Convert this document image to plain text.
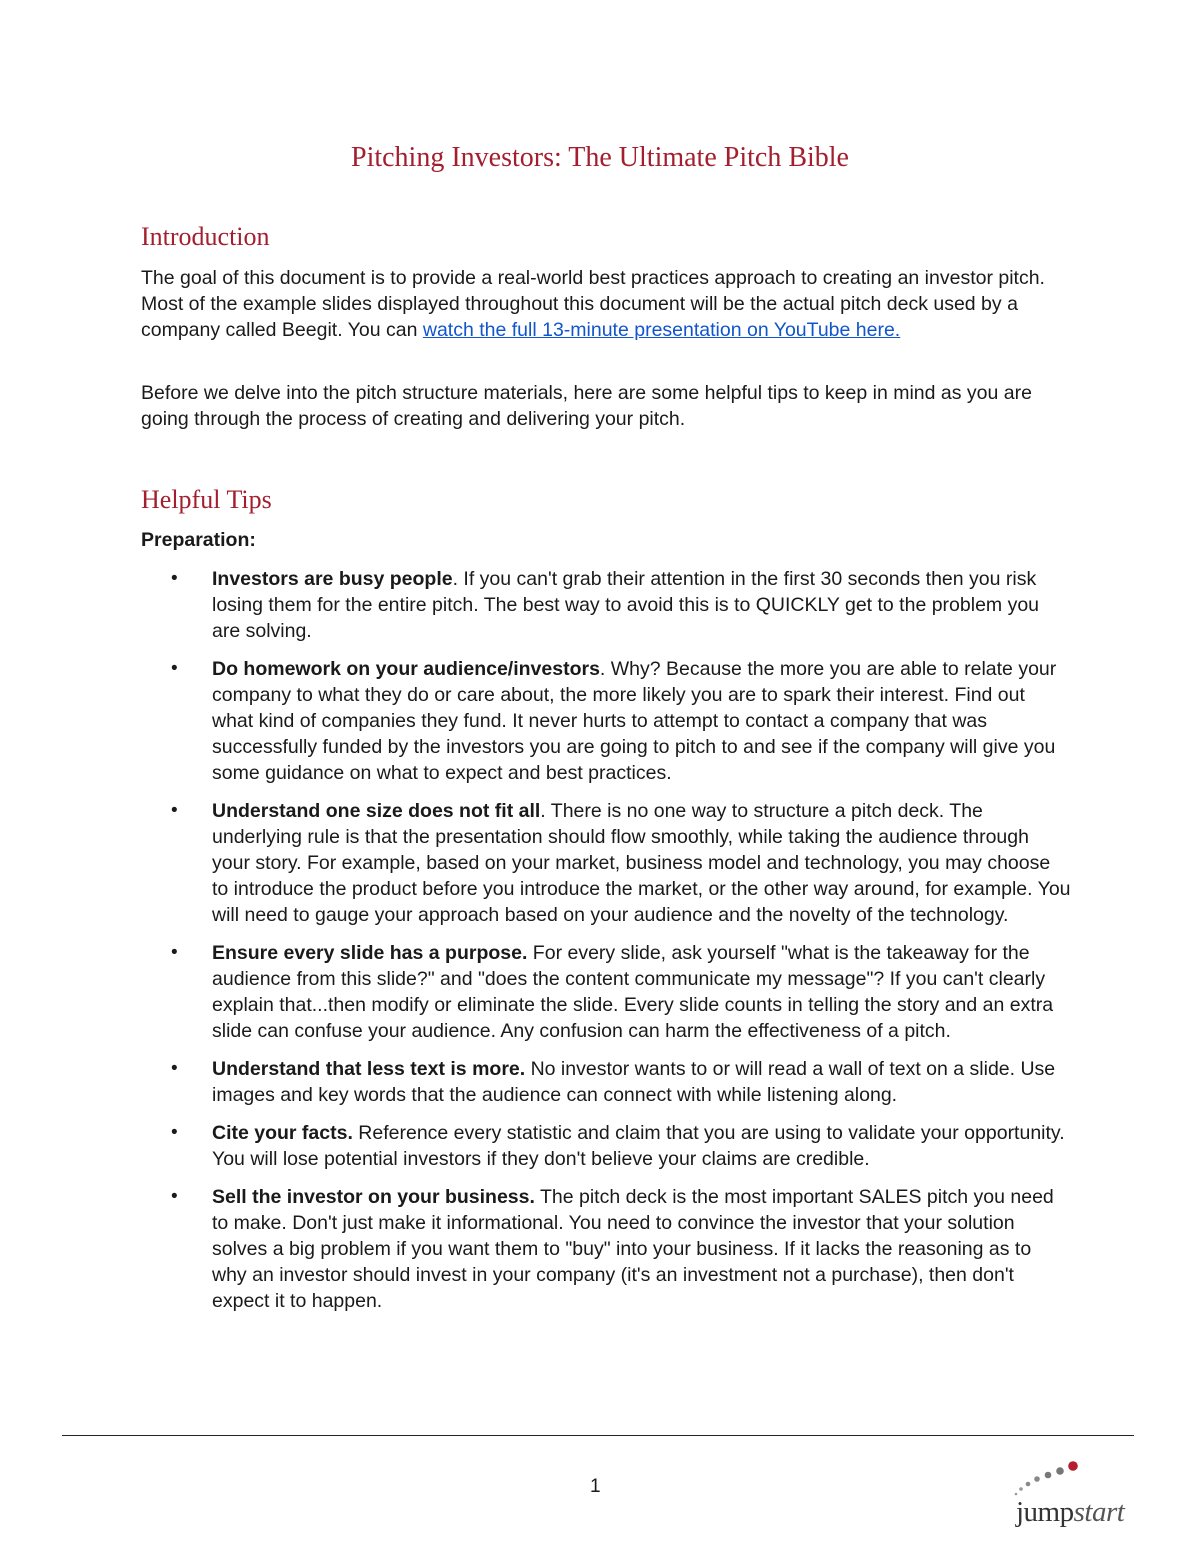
Pitching Investors: The Ultimate Pitch Bible
Introduction

The goal of this document is to provide a real-world best practices approach to creating an investor pitch. Most of the example slides displayed throughout this document will be the actual pitch deck used by a company called Beegit. You can watch the full 13-minute presentation on YouTube here.

Before we delve into the pitch structure materials, here are some helpful tips to keep in mind as you are going through the process of creating and delivering your pitch.

Helpful Tips

Preparation:

• Investors are busy people. If you can't grab their attention in the first 30 seconds then you risk losing them for the entire pitch. The best way to avoid this is to QUICKLY get to the problem you are solving.
• Do homework on your audience/investors. Why? Because the more you are able to relate your company to what they do or care about, the more likely you are to spark their interest. Find out what kind of companies they fund. It never hurts to attempt to contact a company that was successfully funded by the investors you are going to pitch to and see if the company will give you some guidance on what to expect and best practices.
• Understand one size does not fit all. There is no one way to structure a pitch deck. The underlying rule is that the presentation should flow smoothly, while taking the audience through your story. For example, based on your market, business model and technology, you may choose to introduce the product before you introduce the market, or the other way around, for example. You will need to gauge your approach based on your audience and the novelty of the technology.
• Ensure every slide has a purpose. For every slide, ask yourself "what is the takeaway for the audience from this slide?" and "does the content communicate my message"? If you can't clearly explain that...then modify or eliminate the slide. Every slide counts in telling the story and an extra slide can confuse your audience. Any confusion can harm the effectiveness of a pitch.
• Understand that less text is more. No investor wants to or will read a wall of text on a slide. Use images and key words that the audience can connect with while listening along.
• Cite your facts. Reference every statistic and claim that you are using to validate your opportunity. You will lose potential investors if they don't believe your claims are credible.
• Sell the investor on your business. The pitch deck is the most important SALES pitch you need to make. Don't just make it informational. You need to convince the investor that your solution solves a big problem if you want them to "buy" into your business. If it lacks the reasoning as to why an investor should invest in your company (it's an investment not a purchase), then don't expect it to happen.
1
jumpstart
